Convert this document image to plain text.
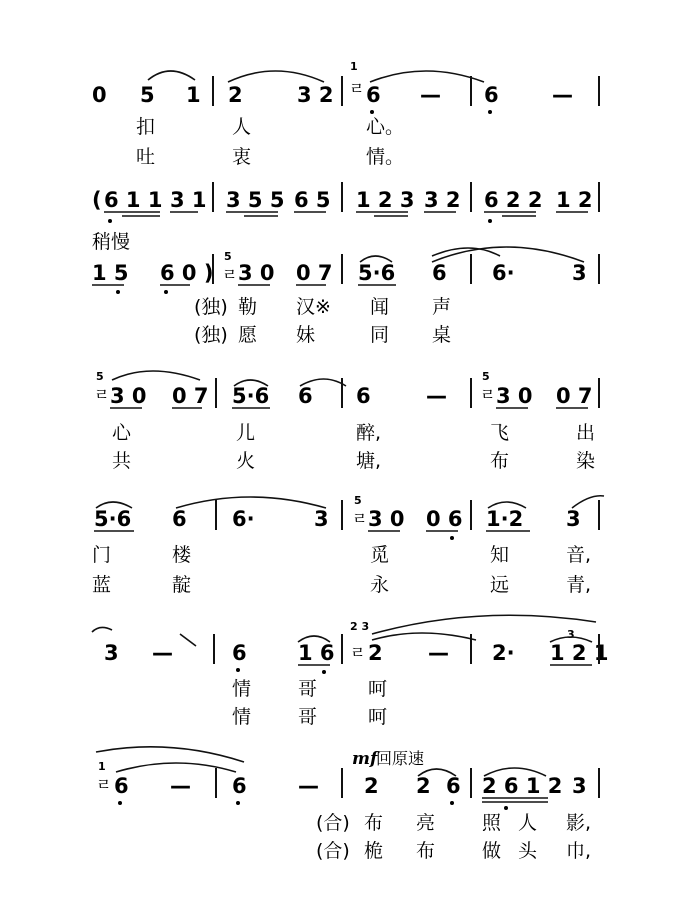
1
ㄹ
0 5 1 2	3 2 6 — 6	—
扣	人	心。
吐	衷	情。
( 6 1 1 3 1 3 5 5 6 5 1 2 3 3 2 6 2 2 1 2
稍慢
1 5 6 0 )
5
ㄹ 3 0 0 7 5·6 6 6·	3
(独) 勒 汉※ 闻 声
(独) 愿 妹	同 桌
5
ㄹ 3 0 0 7 5·6 6 6	—
5
ㄹ 3 0 0 7
心	儿	醉,	飞	出
共	火	塘,	布	染
5·6 6 6·	3
5
ㄹ 3 0 0 6 1·2 3
门	楼	觅	知	音,
蓝	靛	永	远	青,
3 —	6 1 6
2 3
ㄹ 2 — 2·
3
1 2 1
情 哥	呵
情 哥	呵
mf
回原速
1
ㄹ 6 — 6 — 2 2 6 2 6 1 2 3
(合) 布 亮 照 人 影,
(合) 桅 布 做 头 巾,
